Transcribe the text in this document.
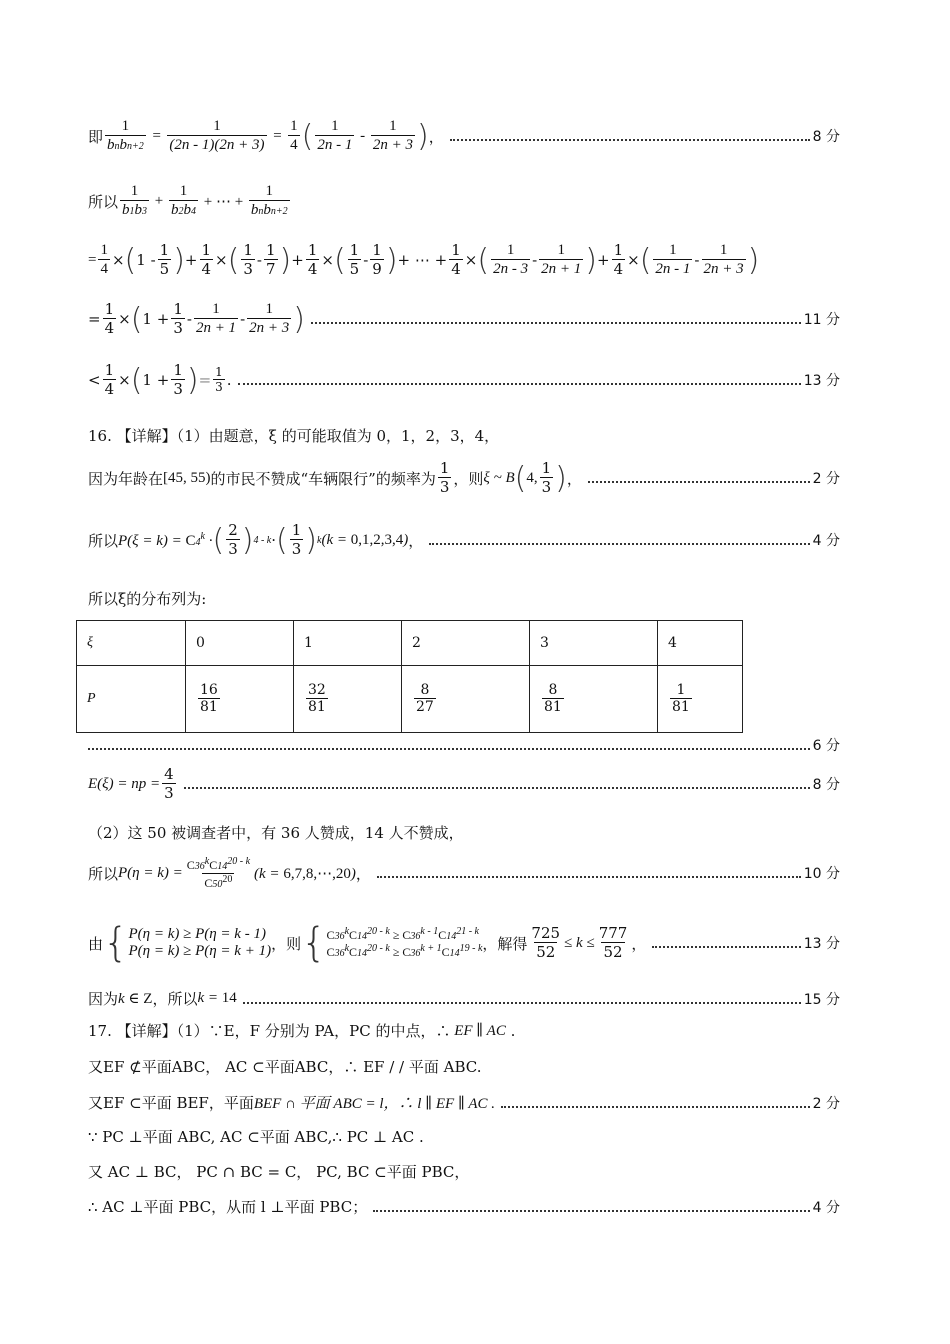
即 $\frac{1}{\text{bnbn+2}} = \frac{1}{(2n - 1)(2n + 3)} = \frac{1}{4}$ ( $\frac{1}{2n - 1} - \frac{1}{2n + 3}$ ) ，	8 分
所以 $\frac{1}{b1b3} + \frac{1}{b2b4}$ + ⋯ + $\frac{1}{\text{bnbn+2}}$
= $\frac{1}{4}$ × ( $1 - \frac{1}{5}$ ) + $\frac{1}{4}$ × ( $\frac{1}{3} - \frac{1}{7}$ ) + $\frac{1}{4}$ × ( $\frac{1}{5} - \frac{1}{9}$ ) + ⋯ + $\frac{1}{4}$ × ( $\frac{1}{2n - 3} - \frac{1}{2n + 1}$ ) + $\frac{1}{4}$ × ( $\frac{1}{2n - 1} - \frac{1}{2n + 3}$ )
= $\frac{1}{4}$ × ( $1 + \frac{1}{3} - \frac{1}{2n + 1} - \frac{1}{2n + 3}$ )	11 分
< $\frac{1}{4}$ × ( $1 + \frac{1}{3}$ ) = $\frac{1}{3}$ .	13 分
16. 【详解】（1）由题意，ξ 的可能取值为 0，1，2，3，4，
因为年龄在 [45, 55) 的市民不赞成“车辆限行”的频率为 $\frac{1}{3}$ ，则 ξ ~ B ( 4, $\frac{1}{3}$ ) ，	2 分
所以 $P(\xi = k) = C4^k$ · ( $\frac{2}{3}$ ) 4 - k · ( $\frac{1}{3}$ ) k (k = 0,1,2,3,4) ，	4 分
所以ξ的分布列为:
ξ	0	1	2	3	4
P	$\frac{16}{81}$	$\frac{32}{81}$	$\frac{8}{27}$	$\frac{8}{81}$	$\frac{1}{81}$
6 分
E(ξ) = np = $\frac{4}{3}$	8 分
（2）这 50 被调查者中，有 36 人赞成，14 人不赞成，
所以 $P(\eta = k) = \frac{C36^kC14^{20 - k}}{C50^{20}} (k$ = 6,7,8,⋯,20) ，	10 分
由 { P(η = k) ≥ P(η = k - 1)
P(η = k) ≥ P(η = k + 1) ，则 { $C36^kC14^{20 - k} \ge C36^{k - 1}C14^{21 - k}$
$C36^kC14^{20 - k} \ge C36^{k + 1}C14^{19 - k}$ ，解得 $\frac{725}{52} \le k \le \frac{777}{52}$ ，	13 分
因为 k ∈ Z ，所以 k = 14	15 分
17. 【详解】（1）∵E，F 分别为 PA，PC 的中点，∴ EF ∥ AC .
又EF ⊄平面ABC， AC ⊂平面ABC，∴ EF / / 平面 ABC.
又EF ⊂平面 BEF，平面 BEF ∩ 平面 ABC = l，∴ l ∥ EF ∥ AC .	2 分
∵ PC ⊥平面 ABC, AC ⊂平面 ABC,∴ PC ⊥ AC .
又 AC ⊥ BC， PC ∩ BC = C， PC, BC ⊂平面 PBC，
∴ AC ⊥平面 PBC，从而 l ⊥平面 PBC；	4 分
